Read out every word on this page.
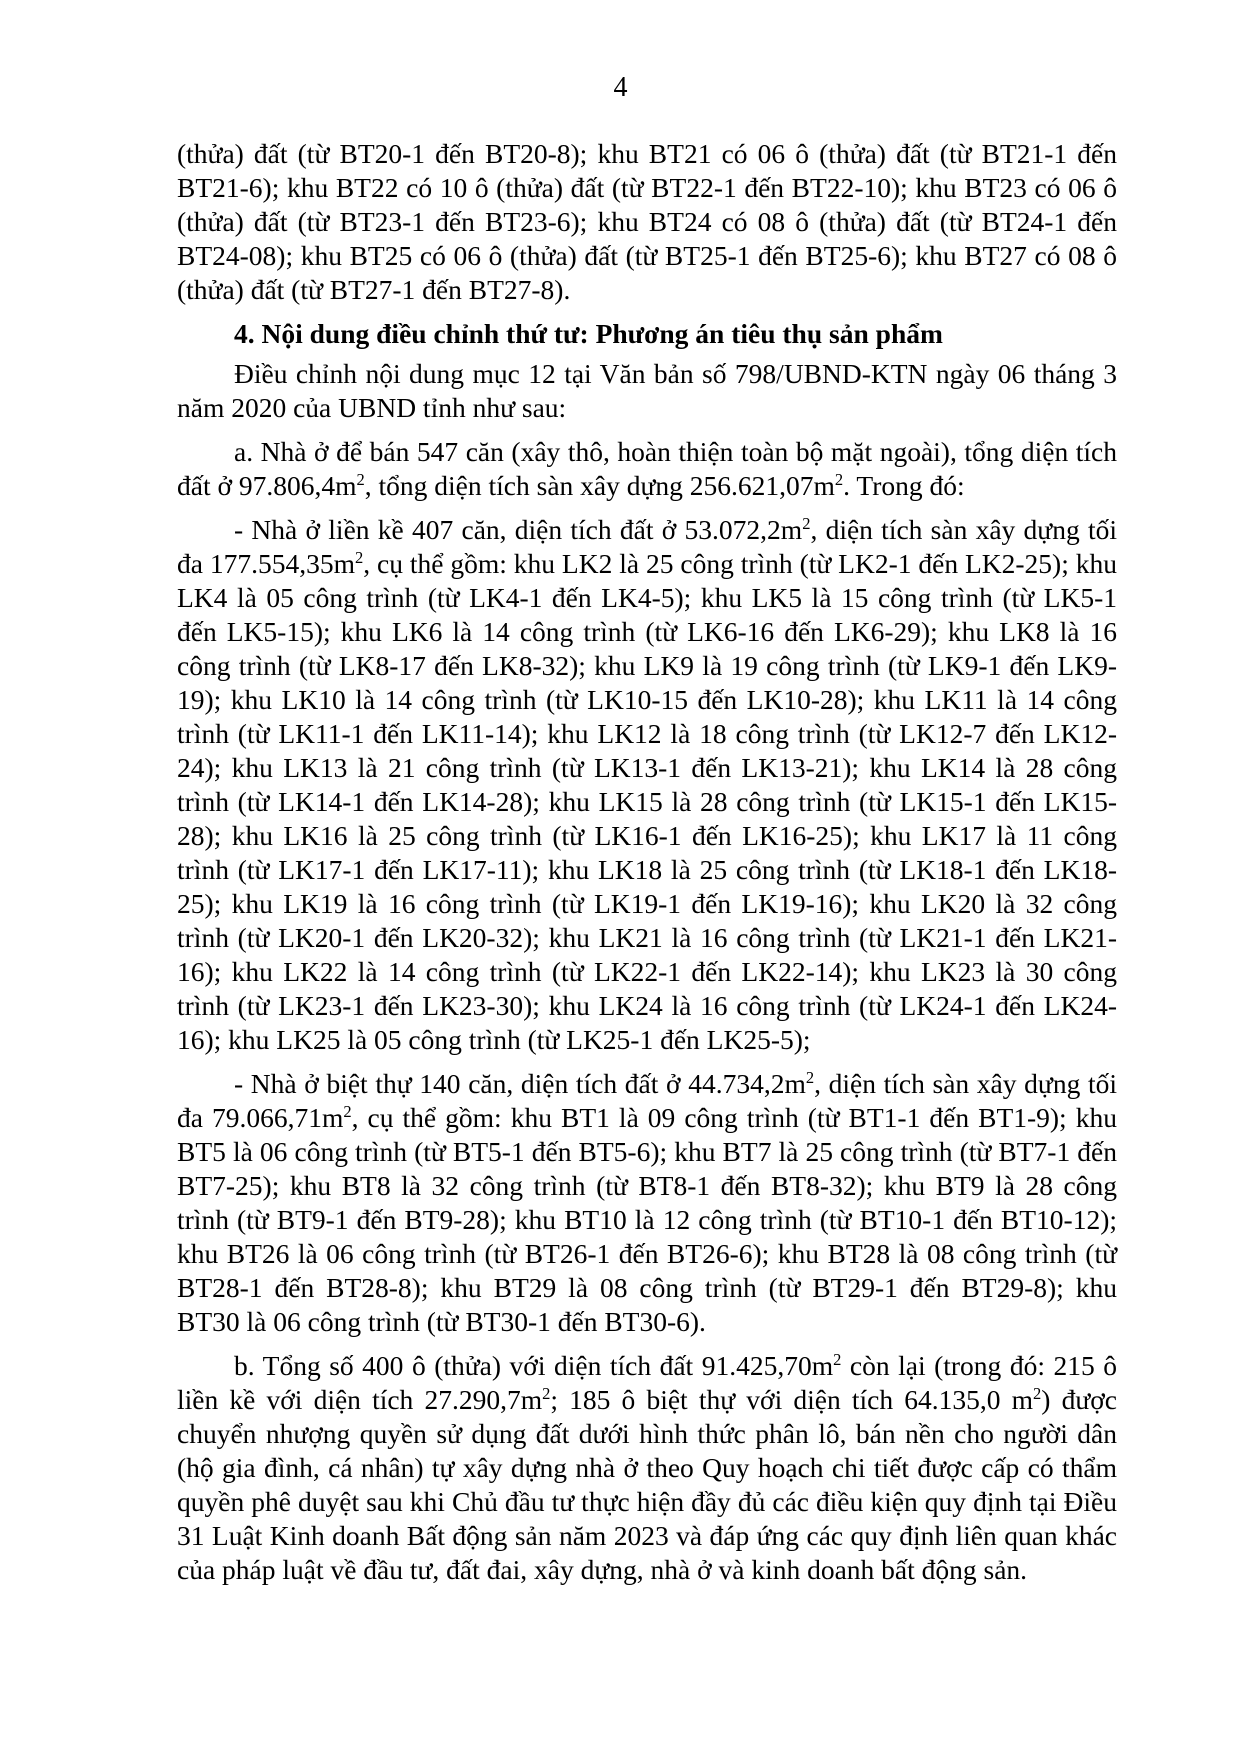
4

(thửa) đất (từ BT20-1 đến BT20-8); khu BT21 có 06 ô (thửa) đất (từ BT21-1 đến BT21-6); khu BT22 có 10 ô (thửa) đất (từ BT22-1 đến BT22-10); khu BT23 có 06 ô (thửa) đất (từ BT23-1 đến BT23-6); khu BT24 có 08 ô (thửa) đất (từ BT24-1 đến BT24-08); khu BT25 có 06 ô (thửa) đất (từ BT25-1 đến BT25-6); khu BT27 có 08 ô (thửa) đất (từ BT27-1 đến BT27-8).

4. Nội dung điều chỉnh thứ tư: Phương án tiêu thụ sản phẩm

Điều chỉnh nội dung mục 12 tại Văn bản số 798/UBND-KTN ngày 06 tháng 3 năm 2020 của UBND tỉnh như sau:

a. Nhà ở để bán 547 căn (xây thô, hoàn thiện toàn bộ mặt ngoài), tổng diện tích đất ở $97.806,4m^2$, tổng diện tích sàn xây dựng $256.621,07m^2$. Trong đó:

- Nhà ở liền kề 407 căn, diện tích đất ở $53.072,2m^2$, diện tích sàn xây dựng tối đa $177.554,35m^2$, cụ thể gồm: khu LK2 là 25 công trình (từ LK2-1 đến LK2-25); khu LK4 là 05 công trình (từ LK4-1 đến LK4-5); khu LK5 là 15 công trình (từ LK5-1 đến LK5-15); khu LK6 là 14 công trình (từ LK6-16 đến LK6-29); khu LK8 là 16 công trình (từ LK8-17 đến LK8-32); khu LK9 là 19 công trình (từ LK9-1 đến LK9-19); khu LK10 là 14 công trình (từ LK10-15 đến LK10-28); khu LK11 là 14 công trình (từ LK11-1 đến LK11-14); khu LK12 là 18 công trình (từ LK12-7 đến LK12-24); khu LK13 là 21 công trình (từ LK13-1 đến LK13-21); khu LK14 là 28 công trình (từ LK14-1 đến LK14-28); khu LK15 là 28 công trình (từ LK15-1 đến LK15-28); khu LK16 là 25 công trình (từ LK16-1 đến LK16-25); khu LK17 là 11 công trình (từ LK17-1 đến LK17-11); khu LK18 là 25 công trình (từ LK18-1 đến LK18-25); khu LK19 là 16 công trình (từ LK19-1 đến LK19-16); khu LK20 là 32 công trình (từ LK20-1 đến LK20-32); khu LK21 là 16 công trình (từ LK21-1 đến LK21-16); khu LK22 là 14 công trình (từ LK22-1 đến LK22-14); khu LK23 là 30 công trình (từ LK23-1 đến LK23-30); khu LK24 là 16 công trình (từ LK24-1 đến LK24-16); khu LK25 là 05 công trình (từ LK25-1 đến LK25-5);

- Nhà ở biệt thự 140 căn, diện tích đất ở $44.734,2m^2$, diện tích sàn xây dựng tối đa $79.066,71m^2$, cụ thể gồm: khu BT1 là 09 công trình (từ BT1-1 đến BT1-9); khu BT5 là 06 công trình (từ BT5-1 đến BT5-6); khu BT7 là 25 công trình (từ BT7-1 đến BT7-25); khu BT8 là 32 công trình (từ BT8-1 đến BT8-32); khu BT9 là 28 công trình (từ BT9-1 đến BT9-28); khu BT10 là 12 công trình (từ BT10-1 đến BT10-12); khu BT26 là 06 công trình (từ BT26-1 đến BT26-6); khu BT28 là 08 công trình (từ BT28-1 đến BT28-8); khu BT29 là 08 công trình (từ BT29-1 đến BT29-8); khu BT30 là 06 công trình (từ BT30-1 đến BT30-6).

b. Tổng số 400 ô (thửa) với diện tích đất $91.425,70m^2$ còn lại (trong đó: 215 ô liền kề với diện tích $27.290,7m^2$; 185 ô biệt thự với diện tích 64.135,0 $m^2$) được chuyển nhượng quyền sử dụng đất dưới hình thức phân lô, bán nền cho người dân (hộ gia đình, cá nhân) tự xây dựng nhà ở theo Quy hoạch chi tiết được cấp có thẩm quyền phê duyệt sau khi Chủ đầu tư thực hiện đầy đủ các điều kiện quy định tại Điều 31 Luật Kinh doanh Bất động sản năm 2023 và đáp ứng các quy định liên quan khác của pháp luật về đầu tư, đất đai, xây dựng, nhà ở và kinh doanh bất động sản.
